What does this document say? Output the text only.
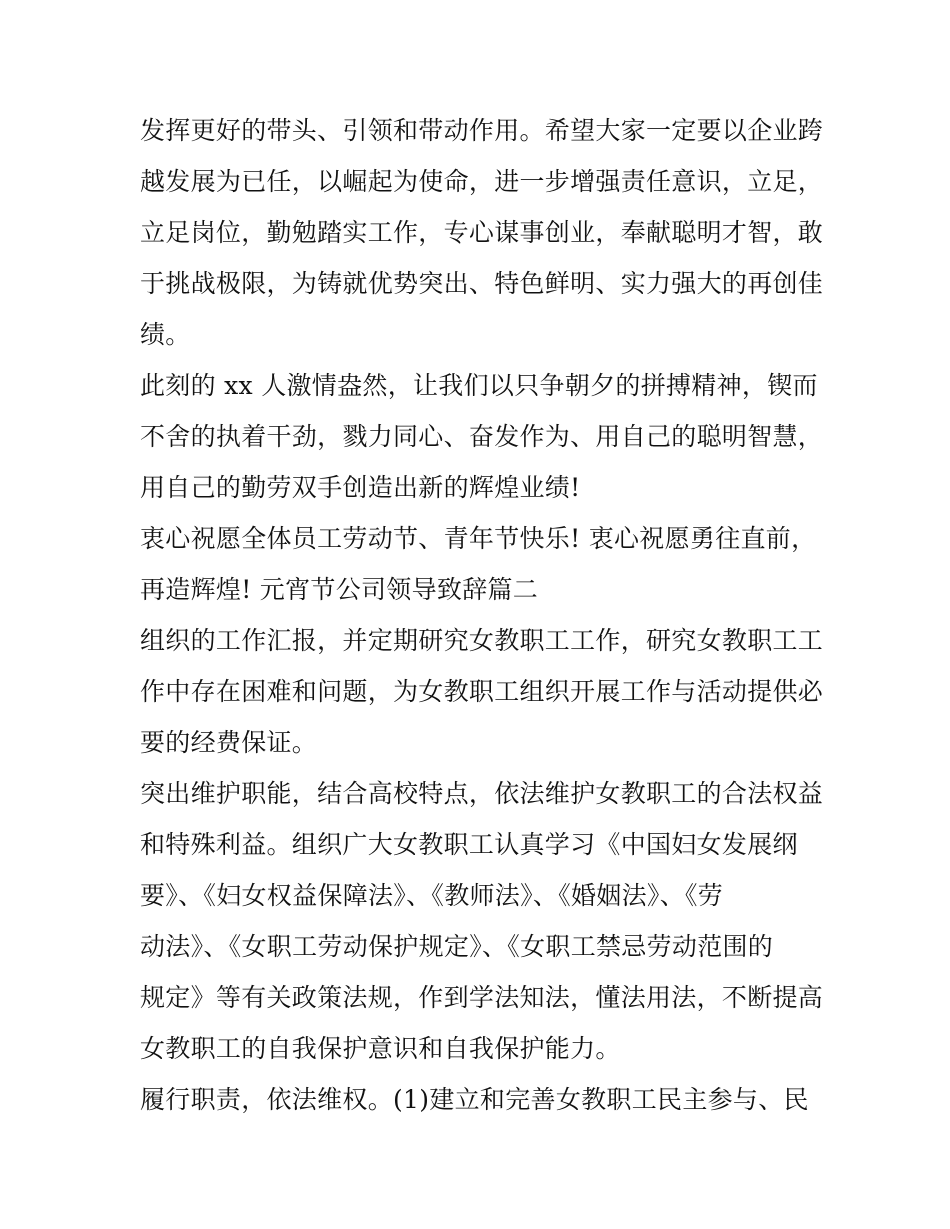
发挥更好的带头、引领和带动作用。希望大家一定要以企业跨
越发展为已任，以崛起为使命，进一步增强责任意识，立足，
立足岗位，勤勉踏实工作，专心谋事创业，奉献聪明才智，敢
于挑战极限，为铸就优势突出、特色鲜明、实力强大的再创佳
绩。
此刻的 xx 人激情盎然，让我们以只争朝夕的拼搏精神，锲而
不舍的执着干劲，戮力同心、奋发作为、用自己的聪明智慧，
用自己的勤劳双手创造出新的辉煌业绩!
衷心祝愿全体员工劳动节、青年节快乐! 衷心祝愿勇往直前，
再造辉煌! 元宵节公司领导致辞篇二
组织的工作汇报，并定期研究女教职工工作，研究女教职工工
作中存在困难和问题，为女教职工组织开展工作与活动提供必
要的经费保证。
突出维护职能，结合高校特点，依法维护女教职工的合法权益
和特殊利益。组织广大女教职工认真学习《中国妇女发展纲
要》、《妇女权益保障法》、《教师法》、《婚姻法》、《劳
动法》、《女职工劳动保护规定》、《女职工禁忌劳动范围的
规定》等有关政策法规，作到学法知法，懂法用法，不断提高
女教职工的自我保护意识和自我保护能力。
履行职责，依法维权。(1)建立和完善女教职工民主参与、民
